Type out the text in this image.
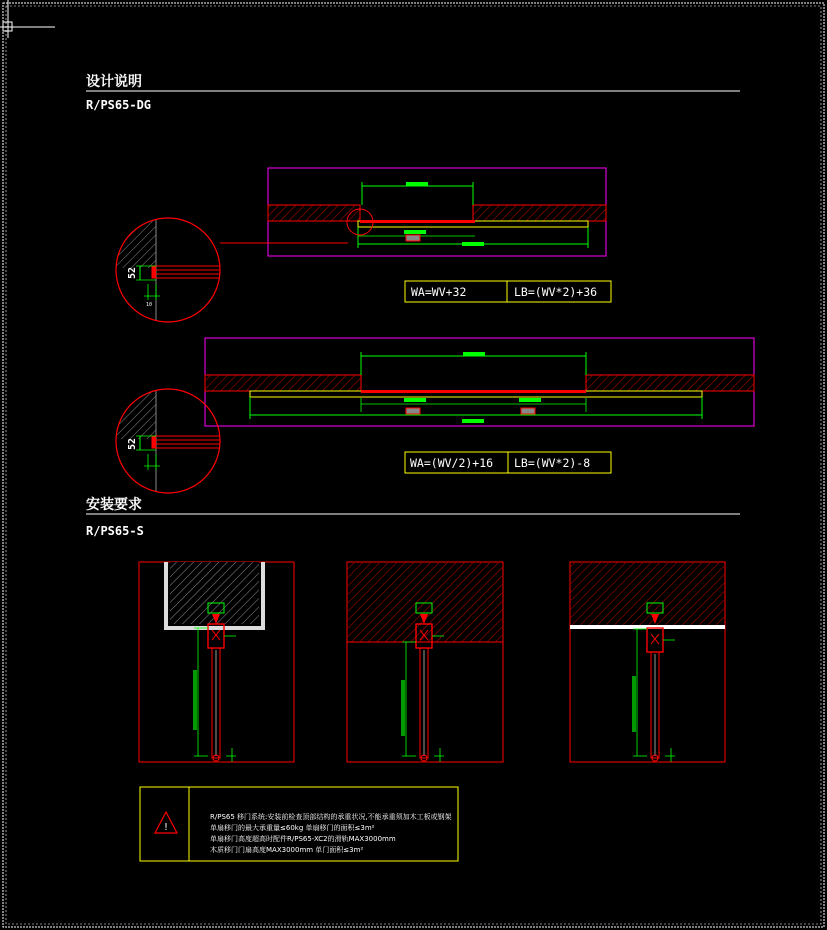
设计说明
R/PS65-DG
52
10
WA=WV+32	LB=(WV*2)+36
52
WA=(WV/2)+16 LB=(WV*2)-8
安装要求
R/PS65-S
!
R/PS65 移门系统:安装前检查顶部结构的承重状况,不能承重须加木工板或钢架
单扇移门的最大承重量≤60kg 单扇移门的面积≤3m²
单扇移门高度超高时配件R/PS65-XC2的滑轨MAX3000mm
木质移门门扇高度MAX3000mm 单门面积≤3m²
